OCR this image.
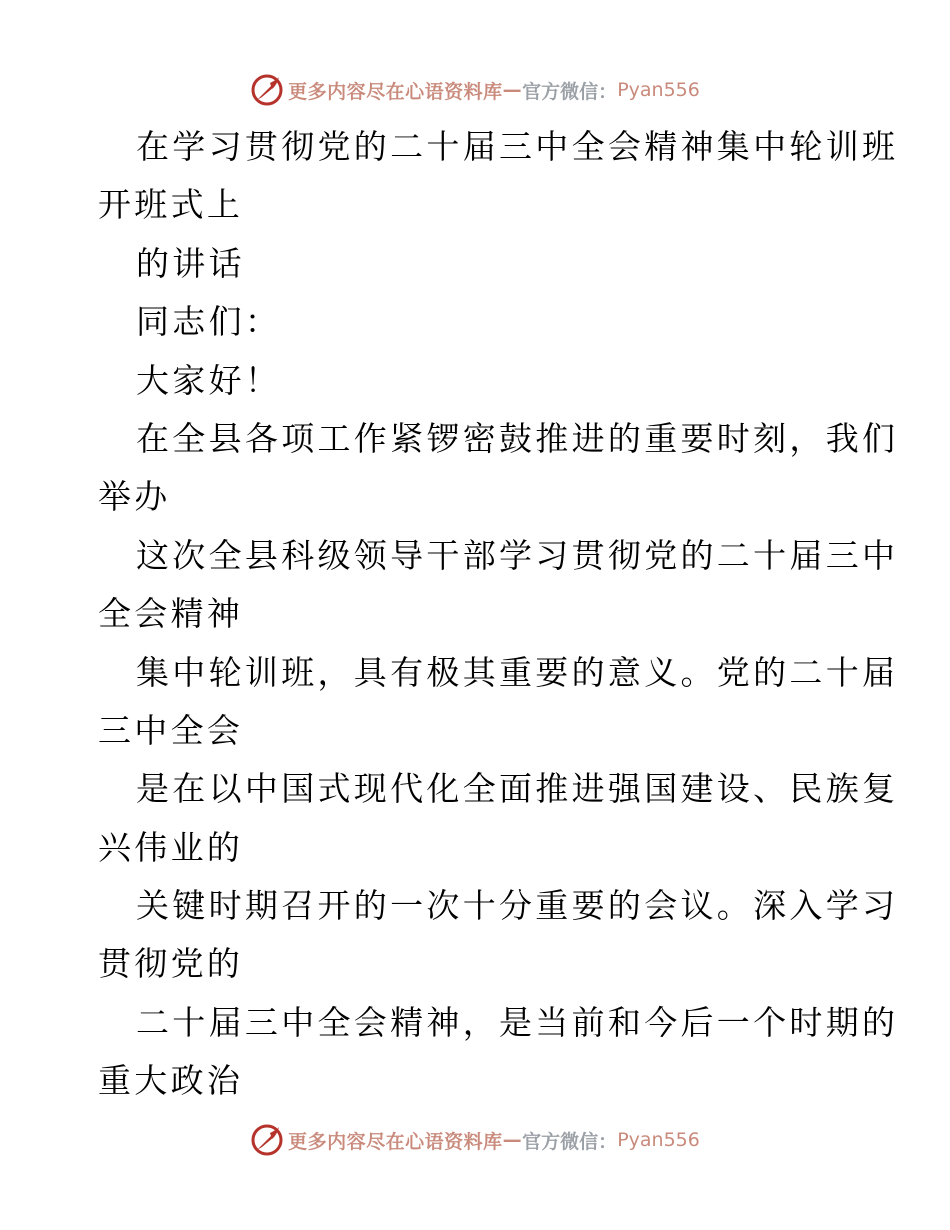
更多内容尽在心语资料库 — 官方微信： Pyan556
在学习贯彻党的二十届三中全会精神集中轮训班
开班式上
的讲话
同志们：
大家好！
在全县各项工作紧锣密鼓推进的重要时刻，我们
举办
这次全县科级领导干部学习贯彻党的二十届三中
全会精神
集中轮训班，具有极其重要的意义。党的二十届
三中全会
是在以中国式现代化全面推进强国建设、民族复
兴伟业的
关键时期召开的一次十分重要的会议。深入学习
贯彻党的
二十届三中全会精神，是当前和今后一个时期的
重大政治
更多内容尽在心语资料库 — 官方微信： Pyan556
